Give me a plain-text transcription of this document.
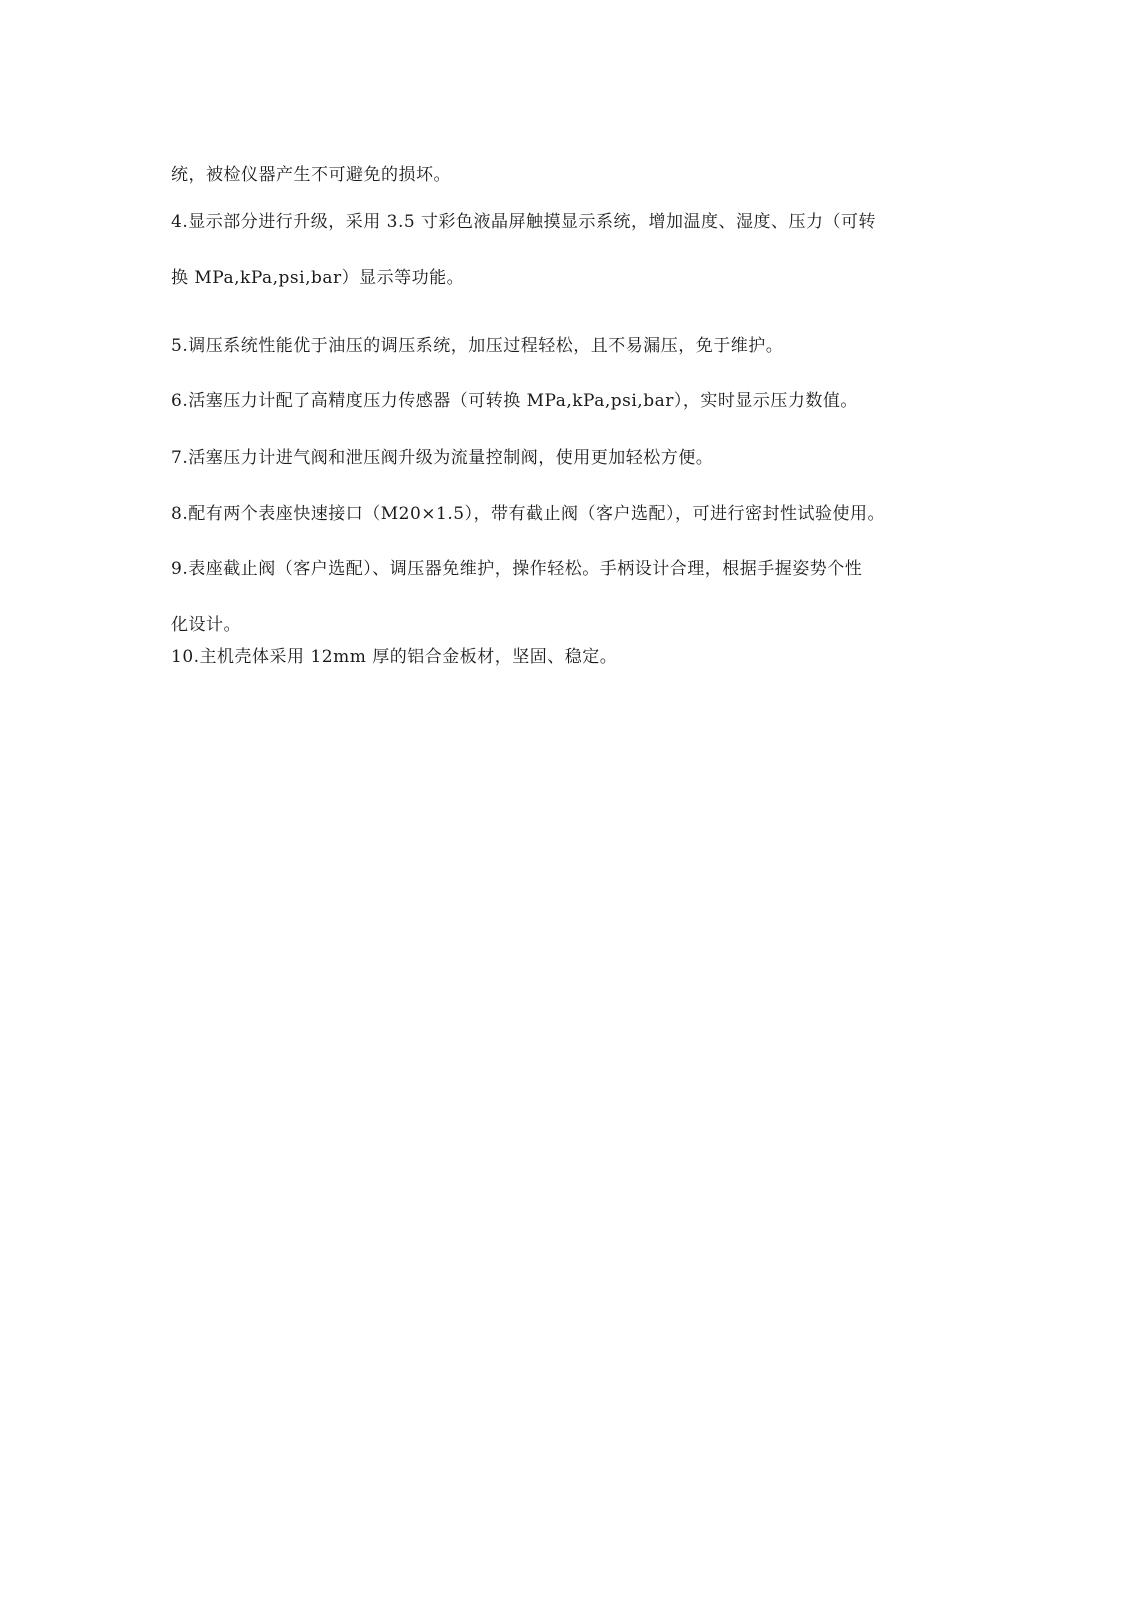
统，被检仪器产生不可避免的损坏。
4.显示部分进行升级，采用 3.5 寸彩色液晶屏触摸显示系统，增加温度、湿度、压力（可转
换 MPa,kPa,psi,bar）显示等功能。
5.调压系统性能优于油压的调压系统，加压过程轻松，且不易漏压，免于维护。
6.活塞压力计配了高精度压力传感器（可转换 MPa,kPa,psi,bar），实时显示压力数值。
7.活塞压力计进气阀和泄压阀升级为流量控制阀，使用更加轻松方便。
8.配有两个表座快速接口（M20×1.5），带有截止阀（客户选配），可进行密封性试验使用。
9.表座截止阀（客户选配）、调压器免维护，操作轻松。手柄设计合理，根据手握姿势个性
化设计。
10.主机壳体采用 12mm 厚的铝合金板材，坚固、稳定。
